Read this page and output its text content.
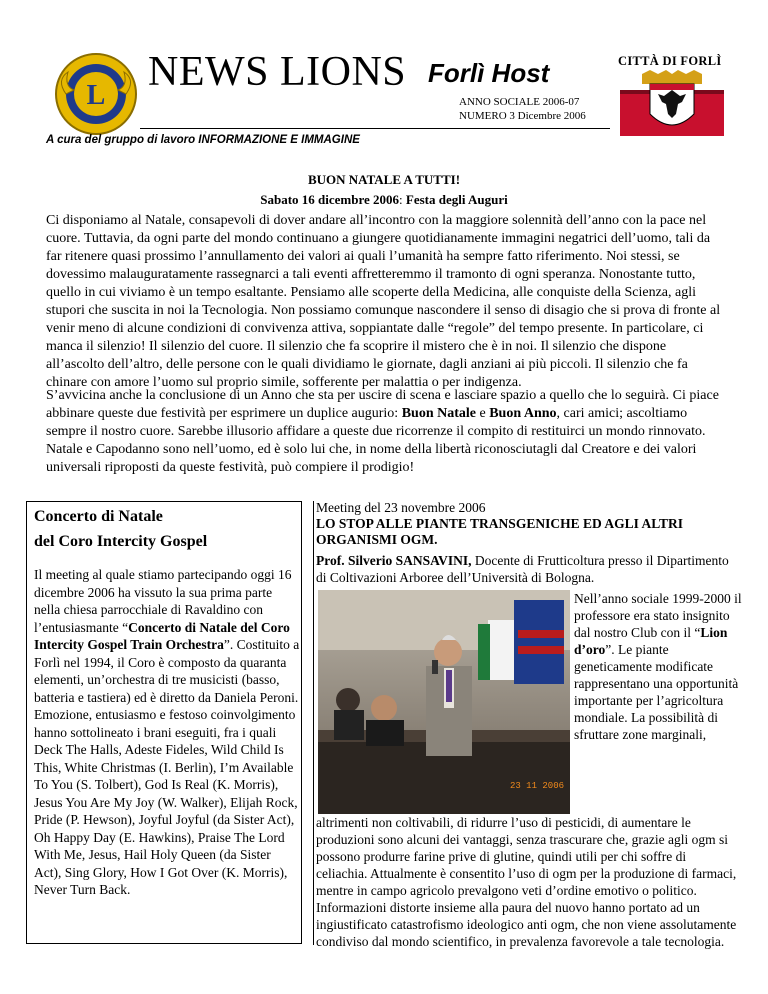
L
NEWS LIONS Forlì Host
ANNO SOCIALE 2006-07
NUMERO 3 Dicembre 2006
CITTÀ DI FORLÌ
A cura del gruppo di lavoro INFORMAZIONE E IMMAGINE
BUON NATALE A TUTTI!
Sabato 16 dicembre 2006: Festa degli Auguri
Ci disponiamo al Natale, consapevoli di dover andare all’incontro con la maggiore solennità dell’anno con la pace nel cuore. Tuttavia, da ogni parte del mondo continuano a giungere quotidianamente immagini negatrici dell’uomo, tali da far ritenere quasi prossimo l’annullamento dei valori ai quali l’umanità ha sempre fatto riferimento. Noi stessi, se dovessimo malauguratamente rassegnarci a tali eventi affretteremmo il tramonto di ogni speranza. Nonostante tutto, quello in cui viviamo è un tempo esaltante. Pensiamo alle scoperte della Medicina, alle conquiste della Scienza, agli stupori che suscita in noi la Tecnologia. Non possiamo comunque nascondere il senso di disagio che si prova di fronte al venir meno di alcune condizioni di convivenza attiva, soppiantate dalle “regole” del tempo presente. In particolare, ci manca il silenzio! Il silenzio del cuore. Il silenzio che fa scoprire il mistero che è in noi. Il silenzio che dispone all’ascolto dell’altro, delle persone con le quali dividiamo le giornate, dagli anziani ai più piccoli. Il silenzio che fa chinare con amore l’uomo sul proprio simile, sofferente per malattia o per indigenza.
S’avvicina anche la conclusione di un Anno che sta per uscire di scena e lasciare spazio a quello che lo seguirà. Ci piace abbinare queste due festività per esprimere un duplice augurio: Buon Natale e Buon Anno, cari amici; ascoltiamo sempre il nostro cuore. Sarebbe illusorio affidare a queste due ricorrenze il compito di restituirci un mondo rinnovato. Natale e Capodanno sono nell’uomo, ed è solo lui che, in nome della libertà riconosciutagli dal Creatore e dei valori universali riproposti da queste festività, può compiere il prodigio!
Concerto di Natale
del Coro Intercity Gospel
Il meeting al quale stiamo partecipando oggi 16 dicembre 2006 ha vissuto la sua prima parte nella chiesa parrocchiale di Ravaldino con l’entusiasmante “Concerto di Natale del Coro Intercity Gospel Train Orchestra”. Costituito a Forlì nel 1994, il Coro è composto da quaranta elementi, un’orchestra di tre musicisti (basso, batteria e tastiera) ed è diretto da Daniela Peroni. Emozione, entusiasmo e festoso coinvolgimento hanno sottolineato i brani eseguiti, fra i quali Deck The Halls, Adeste Fideles, Wild Child Is This, White Christmas (I. Berlin), I’m Available To You (S. Tolbert), God Is Real (K. Morris), Jesus You Are My Joy (W. Walker), Elijah Rock, Pride (P. Hewson), Joyful Joyful (da Sister Act), Oh Happy Day (E. Hawkins), Praise The Lord With Me, Jesus, Hail Holy Queen (da Sister Act), Sing Glory, How I Got Over (K. Morris), Never Turn Back.
Meeting del 23 novembre 2006
LO STOP ALLE PIANTE TRANSGENICHE ED AGLI ALTRI ORGANISMI OGM.
Prof. Silverio SANSAVINI, Docente di Frutticoltura presso il Dipartimento di Coltivazioni Arboree dell’Università di Bologna.
23 11 2006
Nell’anno sociale 1999-2000 il professore era stato insignito dal nostro Club con il “Lion d’oro”. Le piante geneticamente modificate rappresentano una opportunità importante per l’agricoltura mondiale. La possibilità di sfruttare zone marginali,
altrimenti non coltivabili, di ridurre l’uso di pesticidi, di aumentare le produzioni sono alcuni dei vantaggi, senza trascurare che, grazie agli ogm si possono produrre farine prive di glutine, quindi utili per chi soffre di celiachia. Attualmente è consentito l’uso di ogm per la produzione di farmaci, mentre in campo agricolo prevalgono veti d’ordine emotivo o politico. Informazioni distorte insieme alla paura del nuovo hanno portato ad un ingiustificato catastrofismo ideologico anti ogm, che non viene assolutamente condiviso dal mondo scientifico, in prevalenza favorevole a tale tecnologia.
